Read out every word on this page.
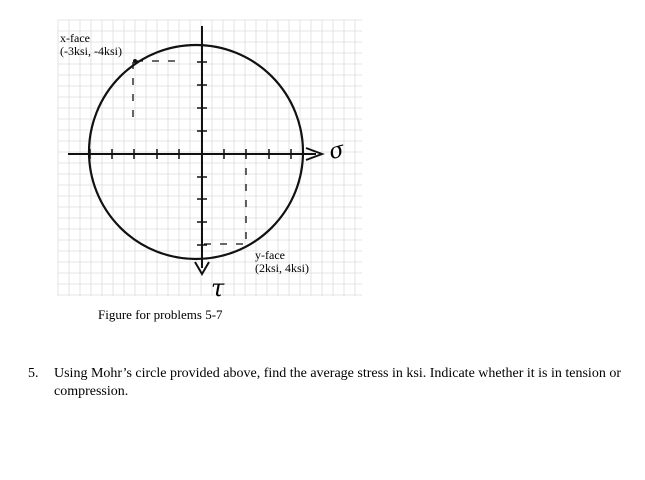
σ
τ
x-face
(-3ksi, -4ksi)
y-face
(2ksi, 4ksi)
Figure for problems 5-7
5. Using Mohr’s circle provided above, find the average stress in ksi. Indicate whether it is in tension or compression.
